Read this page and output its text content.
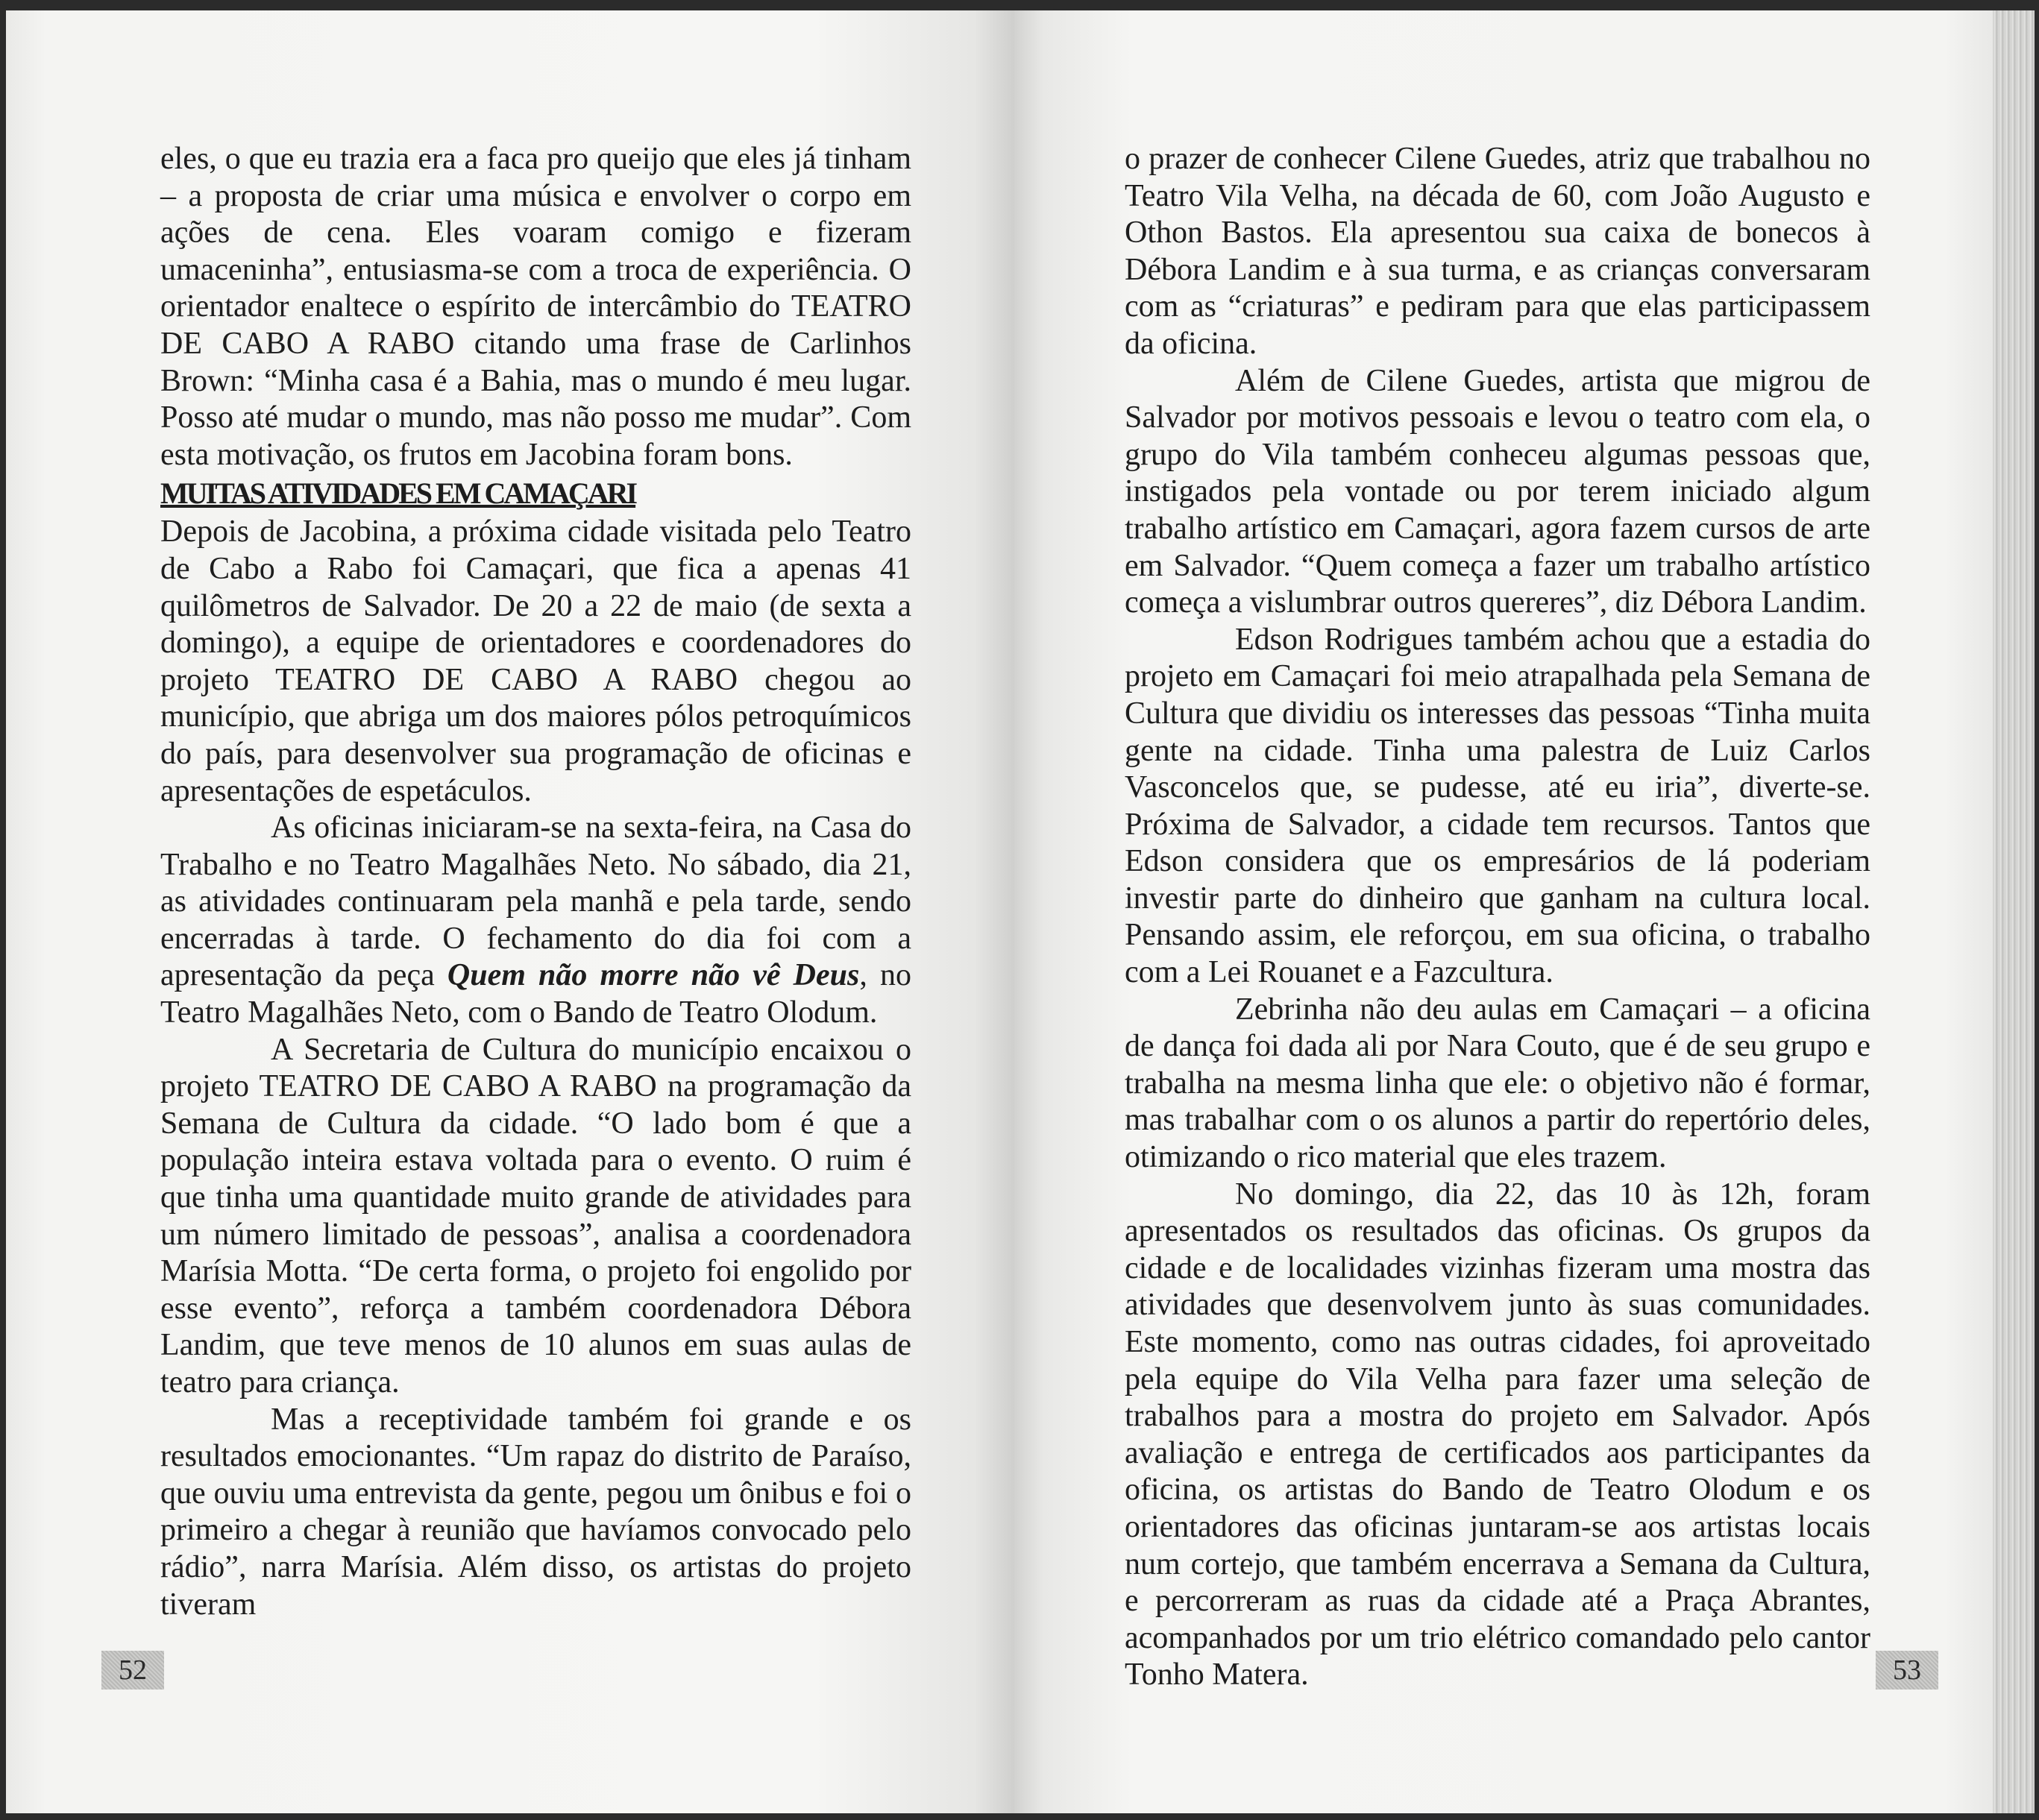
eles, o que eu trazia era a faca pro queijo que eles já tinham – a proposta de criar uma música e envolver o corpo em ações de cena. Eles voaram comigo e fizeram umaceninha”, entusiasma-se com a troca de experiência. O orientador enaltece o espírito de intercâmbio do TEATRO DE CABO A RABO citando uma frase de Carlinhos Brown: “Minha casa é a Bahia, mas o mundo é meu lugar. Posso até mudar o mundo, mas não posso me mudar”. Com esta motivação, os frutos em Jacobina foram bons.

MUITAS ATIVIDADES EM CAMAÇARI

Depois de Jacobina, a próxima cidade visitada pelo Teatro de Cabo a Rabo foi Camaçari, que fica a apenas 41 quilômetros de Salvador. De 20 a 22 de maio (de sexta a domingo), a equipe de orientadores e coordenadores do projeto TEATRO DE CABO A RABO chegou ao município, que abriga um dos maiores pólos petroquímicos do país, para desenvolver sua programação de oficinas e apresentações de espetáculos.

As oficinas iniciaram-se na sexta-feira, na Casa do Trabalho e no Teatro Magalhães Neto. No sábado, dia 21, as atividades continuaram pela manhã e pela tarde, sendo encerradas à tarde. O fechamento do dia foi com a apresentação da peça Quem não morre não vê Deus, no Teatro Magalhães Neto, com o Bando de Teatro Olodum.

A Secretaria de Cultura do município encaixou o projeto TEATRO DE CABO A RABO na programação da Semana de Cultura da cidade. “O lado bom é que a população inteira estava voltada para o evento. O ruim é que tinha uma quantidade muito grande de atividades para um número limitado de pessoas”, analisa a coordenadora Marísia Motta. “De certa forma, o projeto foi engolido por esse evento”, reforça a também coordenadora Débora Landim, que teve menos de 10 alunos em suas aulas de teatro para criança.

Mas a receptividade também foi grande e os resultados emocionantes. “Um rapaz do distrito de Paraíso, que ouviu uma entrevista da gente, pegou um ônibus e foi o primeiro a chegar à reunião que havíamos convocado pelo rádio”, narra Marísia. Além disso, os artistas do projeto tiveram

52

o prazer de conhecer Cilene Guedes, atriz que trabalhou no Teatro Vila Velha, na década de 60, com João Augusto e Othon Bastos. Ela apresentou sua caixa de bonecos à Débora Landim e à sua turma, e as crianças conversaram com as “criaturas” e pediram para que elas participassem da oficina.

Além de Cilene Guedes, artista que migrou de Salvador por motivos pessoais e levou o teatro com ela, o grupo do Vila também conheceu algumas pessoas que, instigados pela vontade ou por terem iniciado algum trabalho artístico em Camaçari, agora fazem cursos de arte em Salvador. “Quem começa a fazer um trabalho artístico começa a vislumbrar outros quereres”, diz Débora Landim.

Edson Rodrigues também achou que a estadia do projeto em Camaçari foi meio atrapalhada pela Semana de Cultura que dividiu os interesses das pessoas “Tinha muita gente na cidade. Tinha uma palestra de Luiz Carlos Vasconcelos que, se pudesse, até eu iria”, diverte-se. Próxima de Salvador, a cidade tem recursos. Tantos que Edson considera que os empresários de lá poderiam investir parte do dinheiro que ganham na cultura local. Pensando assim, ele reforçou, em sua oficina, o trabalho com a Lei Rouanet e a Fazcultura.

Zebrinha não deu aulas em Camaçari – a oficina de dança foi dada ali por Nara Couto, que é de seu grupo e trabalha na mesma linha que ele: o objetivo não é formar, mas trabalhar com o os alunos a partir do repertório deles, otimizando o rico material que eles trazem.

No domingo, dia 22, das 10 às 12h, foram apresentados os resultados das oficinas. Os grupos da cidade e de localidades vizinhas fizeram uma mostra das atividades que desenvolvem junto às suas comunidades. Este momento, como nas outras cidades, foi aproveitado pela equipe do Vila Velha para fazer uma seleção de trabalhos para a mostra do projeto em Salvador. Após avaliação e entrega de certificados aos participantes da oficina, os artistas do Bando de Teatro Olodum e os orientadores das oficinas juntaram-se aos artistas locais num cortejo, que também encerrava a Semana da Cultura, e percorreram as ruas da cidade até a Praça Abrantes, acompanhados por um trio elétrico comandado pelo cantor Tonho Matera.	53
